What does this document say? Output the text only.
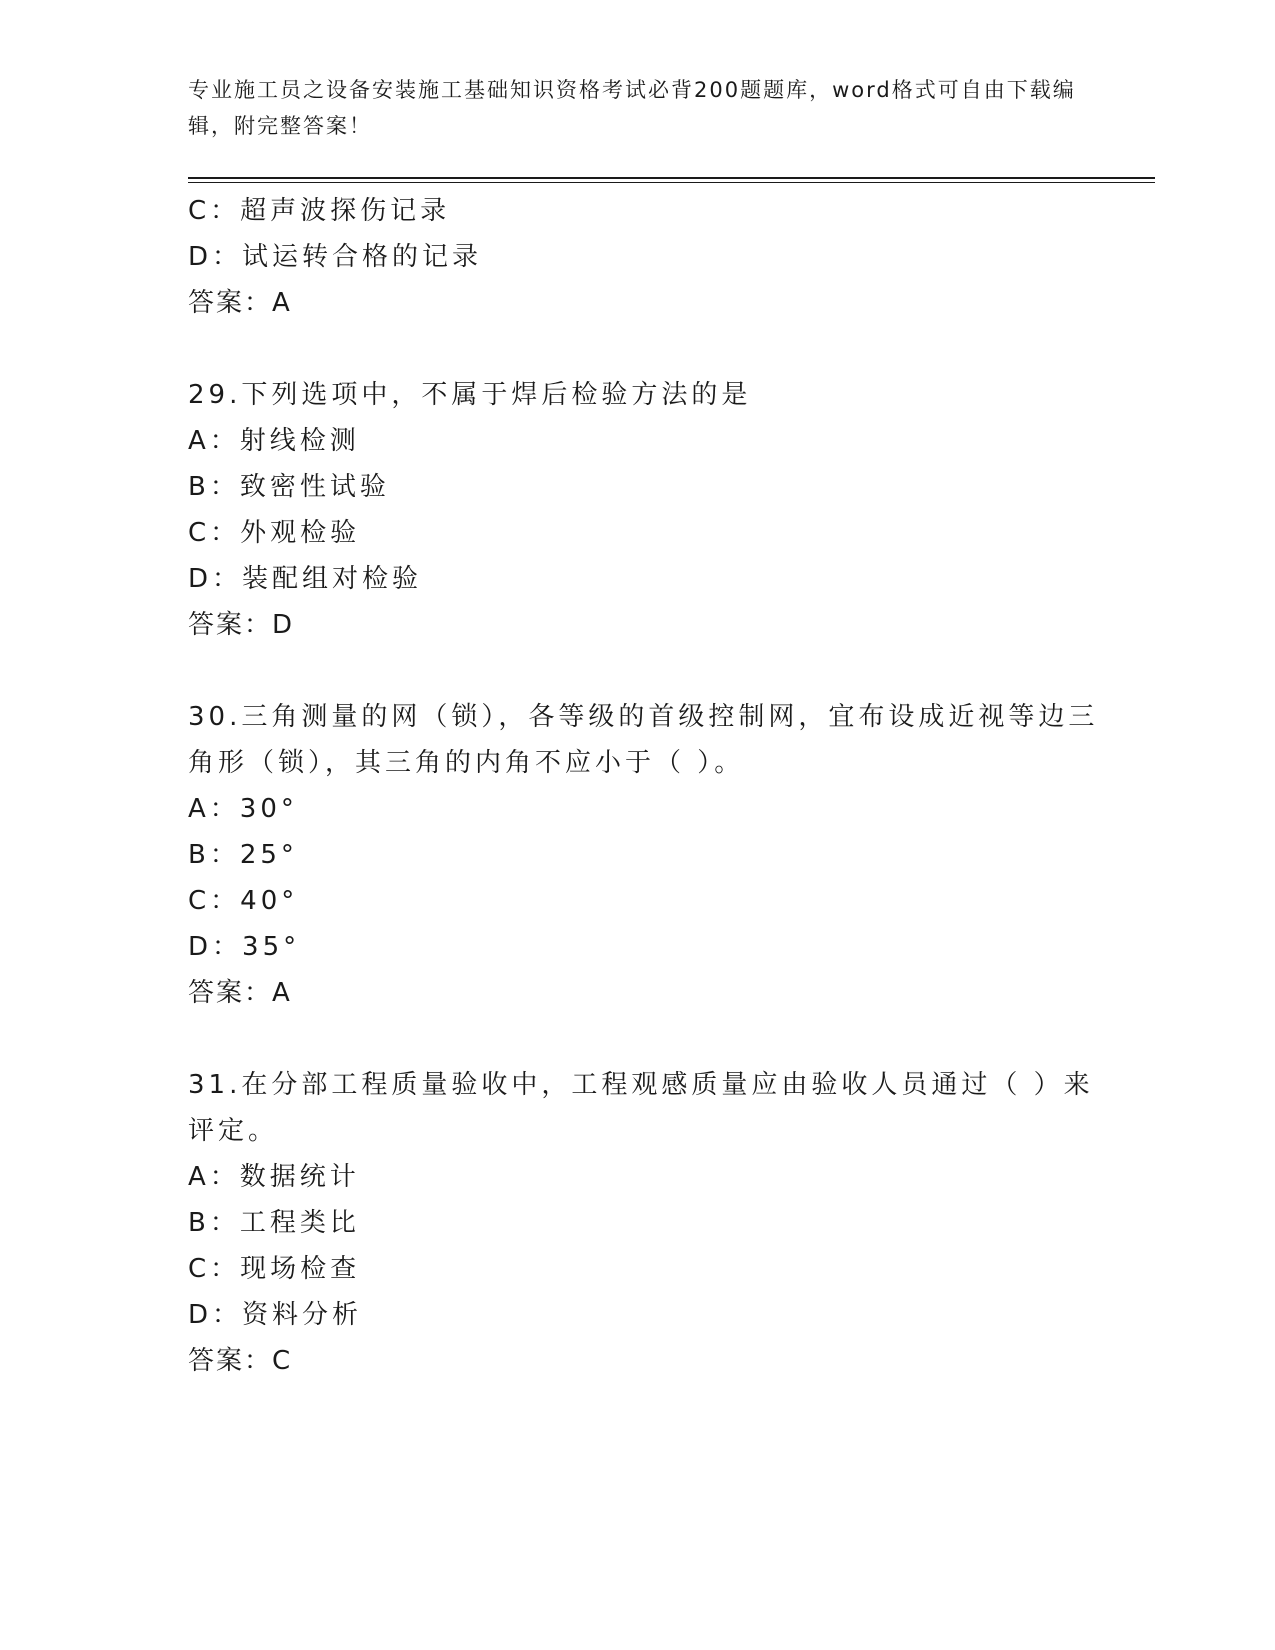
专业施工员之设备安装施工基础知识资格考试必背200题题库，word格式可自由下载编辑，附完整答案！
C：超声波探伤记录
D：试运转合格的记录
答案：A
29.下列选项中，不属于焊后检验方法的是
A：射线检测
B：致密性试验
C：外观检验
D：装配组对检验
答案：D
30.三角测量的网（锁），各等级的首级控制网，宜布设成近视等边三
角形（锁），其三角的内角不应小于（ ）。
A：30°
B：25°
C：40°
D：35°
答案：A
31.在分部工程质量验收中，工程观感质量应由验收人员通过（ ）来
评定。
A：数据统计
B：工程类比
C：现场检查
D：资料分析
答案：C
